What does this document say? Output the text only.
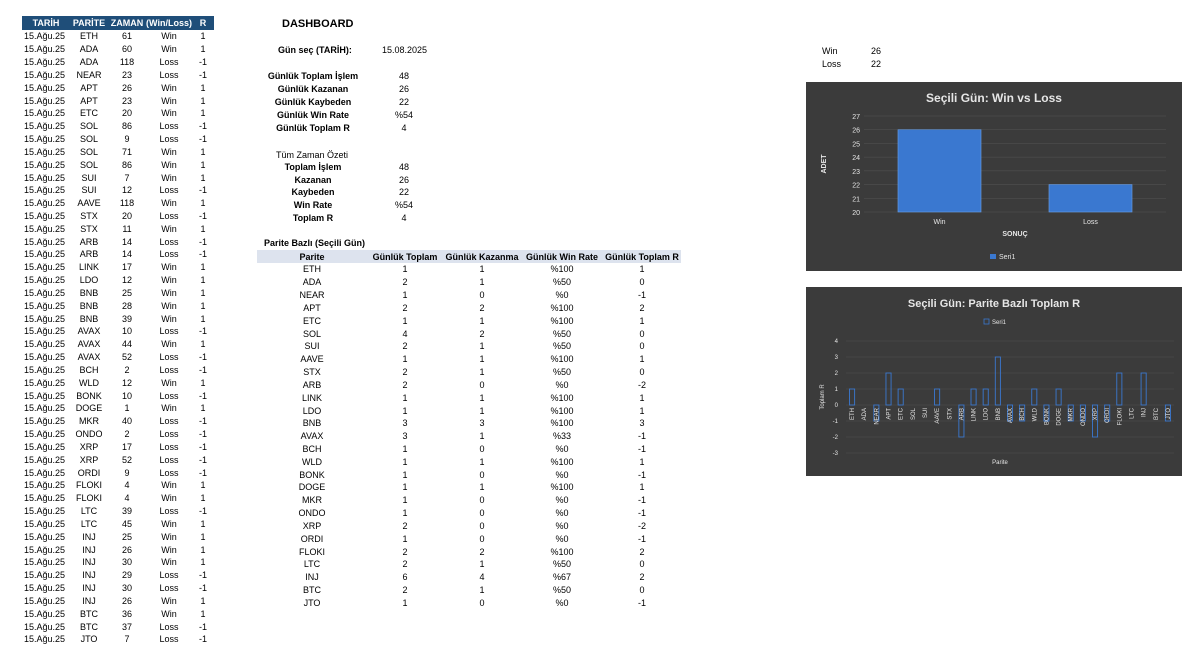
TARİH	PARİTE	ZAMAN	(Win/Loss)	R
15.Ağu.25	ETH	61	Win	1
15.Ağu.25	ADA	60	Win	1
15.Ağu.25	ADA	118	Loss	-1
15.Ağu.25	NEAR	23	Loss	-1
15.Ağu.25	APT	26	Win	1
15.Ağu.25	APT	23	Win	1
15.Ağu.25	ETC	20	Win	1
15.Ağu.25	SOL	86	Loss	-1
15.Ağu.25	SOL	9	Loss	-1
15.Ağu.25	SOL	71	Win	1
15.Ağu.25	SOL	86	Win	1
15.Ağu.25	SUI	7	Win	1
15.Ağu.25	SUI	12	Loss	-1
15.Ağu.25	AAVE	118	Win	1
15.Ağu.25	STX	20	Loss	-1
15.Ağu.25	STX	11	Win	1
15.Ağu.25	ARB	14	Loss	-1
15.Ağu.25	ARB	14	Loss	-1
15.Ağu.25	LINK	17	Win	1
15.Ağu.25	LDO	12	Win	1
15.Ağu.25	BNB	25	Win	1
15.Ağu.25	BNB	28	Win	1
15.Ağu.25	BNB	39	Win	1
15.Ağu.25	AVAX	10	Loss	-1
15.Ağu.25	AVAX	44	Win	1
15.Ağu.25	AVAX	52	Loss	-1
15.Ağu.25	BCH	2	Loss	-1
15.Ağu.25	WLD	12	Win	1
15.Ağu.25	BONK	10	Loss	-1
15.Ağu.25	DOGE	1	Win	1
15.Ağu.25	MKR	40	Loss	-1
15.Ağu.25	ONDO	2	Loss	-1
15.Ağu.25	XRP	17	Loss	-1
15.Ağu.25	XRP	52	Loss	-1
15.Ağu.25	ORDI	9	Loss	-1
15.Ağu.25	FLOKI	4	Win	1
15.Ağu.25	FLOKI	4	Win	1
15.Ağu.25	LTC	39	Loss	-1
15.Ağu.25	LTC	45	Win	1
15.Ağu.25	INJ	25	Win	1
15.Ağu.25	INJ	26	Win	1
15.Ağu.25	INJ	30	Win	1
15.Ağu.25	INJ	29	Loss	-1
15.Ağu.25	INJ	30	Loss	-1
15.Ağu.25	INJ	26	Win	1
15.Ağu.25	BTC	36	Win	1
15.Ağu.25	BTC	37	Loss	-1
15.Ağu.25	JTO	7	Loss	-1
DASHBOARD
Gün seç (TARİH):	15.08.2025
Günlük Toplam İşlem	48
Günlük Kazanan	26
Günlük Kaybeden	22
Günlük Win Rate	%54
Günlük Toplam R	4
Tüm Zaman Özeti
Toplam İşlem	48
Kazanan	26
Kaybeden	22
Win Rate	%54
Toplam R	4
Parite Bazlı (Seçili Gün)
Parite	Günlük Toplam	Günlük Kazanma	Günlük Win Rate	Günlük Toplam R
ETH	1	1	%100	1
ADA	2	1	%50	0
NEAR	1	0	%0	-1
APT	2	2	%100	2
ETC	1	1	%100	1
SOL	4	2	%50	0
SUI	2	1	%50	0
AAVE	1	1	%100	1
STX	2	1	%50	0
ARB	2	0	%0	-2
LINK	1	1	%100	1
LDO	1	1	%100	1
BNB	3	3	%100	3
AVAX	3	1	%33	-1
BCH	1	0	%0	-1
WLD	1	1	%100	1
BONK	1	0	%0	-1
DOGE	1	1	%100	1
MKR	1	0	%0	-1
ONDO	1	0	%0	-1
XRP	2	0	%0	-2
ORDI	1	0	%0	-1
FLOKI	2	2	%100	2
LTC	2	1	%50	0
INJ	6	4	%67	2
BTC	2	1	%50	0
JTO	1	0	%0	-1
Win	26
Loss	22
Seçili Gün: Win vs Loss
20
21
22
23
24
25
26
27
Win	Loss
SONUÇ
ADET
Seri1
Seçili Gün: Parite Bazlı Toplam R
Seri1
-3
-2
-1
0
1
2
3
4
ETH ADA NEAR APT ETC SOL SUI AAVE STX ARB LINK LDO BNB AVAX BCH WLD BONK DOGE MKR ONDO XRP ORDI FLOKI LTC INJ BTC JTO
Parite
Toplam R
